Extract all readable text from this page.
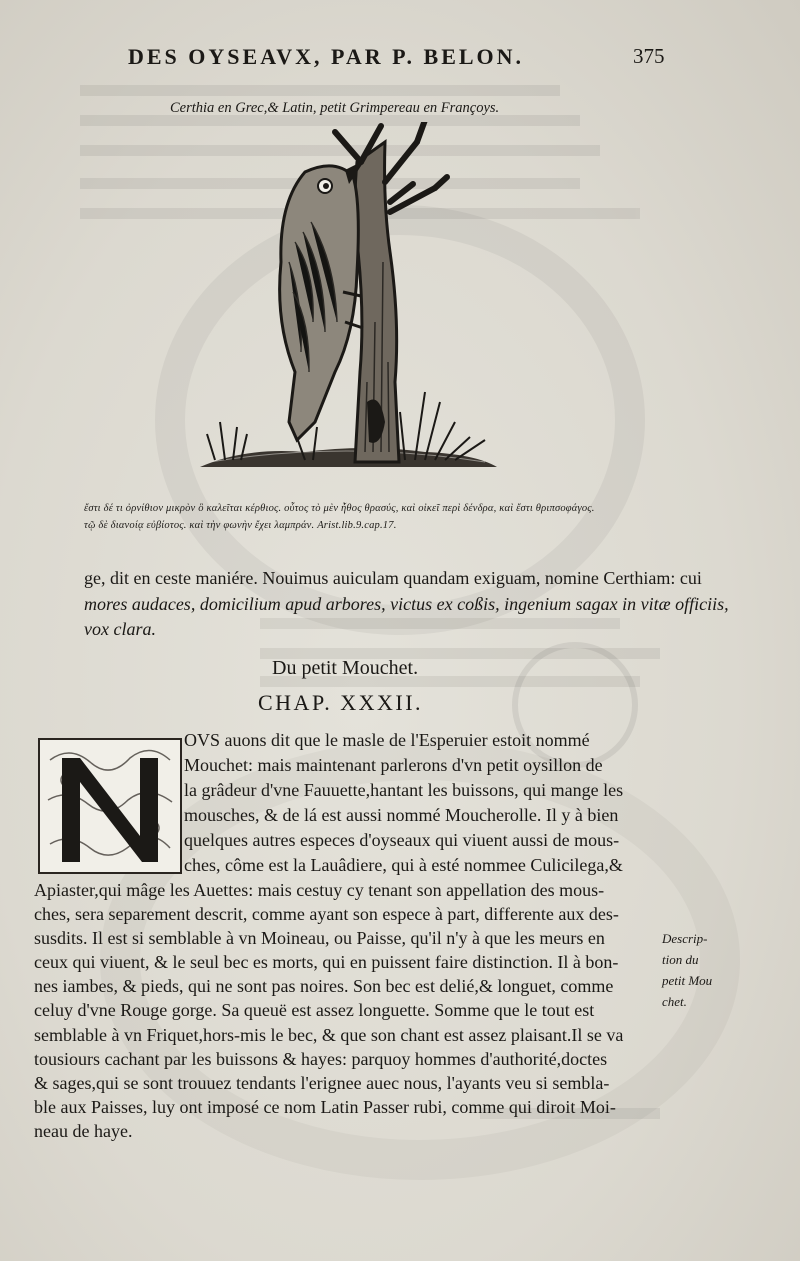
DES OYSEAVX, PAR P. BELON.	375
Certhia en Grec,& Latin, petit Grimpereau en Françoys.
ἔστι δέ τι ὀρνίθιον μικρὸν ὃ καλεῖται κέρθιος. οὗτος τὸ μὲν ἦθος θρασύς, καὶ οἰκεῖ περὶ δένδρα, καὶ ἔστι θριπσοφάγος.
τῷ δὲ διανοίᾳ εὐβίοτος. καὶ τὴν φωνὴν ἔχει λαμπράν. Arist.lib.9.cap.17.
ge, dit en ceste maniére. Nouimus auiculam quandam exiguam, nomine Certhiam: cui
mores audaces, domicilium apud arbores, victus ex coßis, ingenium sagax in vitæ officiis,
vox clara.
Du petit Mouchet.
CHAP. XXXII.
OVS auons dit que le masle de l'Esperuier estoit nommé
Mouchet: mais maintenant parlerons d'vn petit oysillon de
la grâdeur d'vne Fauuette,hantant les buissons, qui mange les
mousches, & de lá est aussi nommé Moucherolle. Il y à bien
quelques autres especes d'oyseaux qui viuent aussi de mous-
ches, côme est la Lauâdiere, qui à esté nommee Culicilega,&
Apiaster,qui mâge les Auettes: mais cestuy cy tenant son appellation des mous-
ches, sera separement descrit, comme ayant son espece à part, differente aux des-
susdits. Il est si semblable à vn Moineau, ou Paisse, qu'il n'y à que les meurs en
ceux qui viuent, & le seul bec es morts, qui en puissent faire distinction. Il à bon-
nes iambes, & pieds, qui ne sont pas noires. Son bec est delié,& longuet, comme
celuy d'vne Rouge gorge. Sa queuë est assez longuette. Somme que le tout est
semblable à vn Friquet,hors-mis le bec, & que son chant est assez plaisant.Il se va
tousiours cachant par les buissons & hayes: parquoy hommes d'authorité,doctes
& sages,qui se sont trouuez tendants l'erignee auec nous, l'ayants veu si sembla-
ble aux Paisses, luy ont imposé ce nom Latin Passer rubi, comme qui diroit Moi-
neau de haye.
Descrip-
tion du
petit Mou
chet.
